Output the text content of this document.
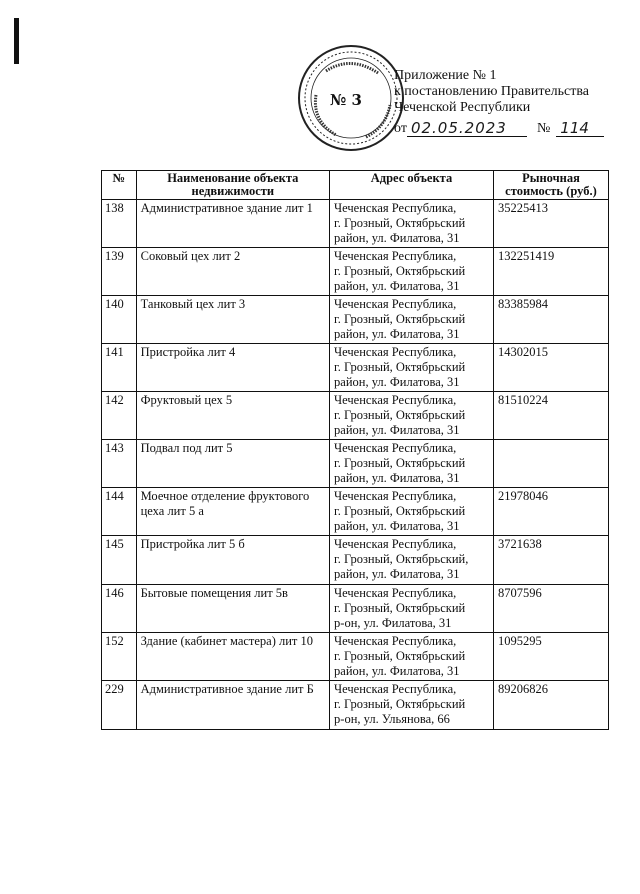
№ 3
Приложение № 1
к постановлению Правительства
Чеченской Республики
от 02.05.2023	№ 114
№	Наименование объекта недвижимости	Адрес объекта	Рыночная стоимость (руб.)
138	Административное здание лит 1	Чеченская Республика,
г. Грозный, Октябрьский
район, ул. Филатова, 31	35225413
139	Соковый цех лит 2	Чеченская Республика,
г. Грозный, Октябрьский
район, ул. Филатова, 31	132251419
140	Танковый цех лит 3	Чеченская Республика,
г. Грозный, Октябрьский
район, ул. Филатова, 31	83385984
141	Пристройка лит 4	Чеченская Республика,
г. Грозный, Октябрьский
район, ул. Филатова, 31	14302015
142	Фруктовый цех 5	Чеченская Республика,
г. Грозный, Октябрьский
район, ул. Филатова, 31	81510224
143	Подвал под лит 5	Чеченская Республика,
г. Грозный, Октябрьский
район, ул. Филатова, 31	

144	Моечное отделение фруктового цеха лит 5 а	Чеченская Республика,
г. Грозный, Октябрьский
район, ул. Филатова, 31	21978046
145	Пристройка лит 5 б	Чеченская Республика,
г. Грозный, Октябрьский,
район, ул. Филатова, 31	3721638
146	Бытовые помещения лит 5в	Чеченская Республика,
г. Грозный, Октябрьский
р-он, ул. Филатова, 31	8707596
152	Здание (кабинет мастера) лит 10	Чеченская Республика,
г. Грозный, Октябрьский
район, ул. Филатова, 31	1095295
229	Административное здание лит Б	Чеченская Республика,
г. Грозный, Октябрьский
р-он, ул. Ульянова, 66	89206826
